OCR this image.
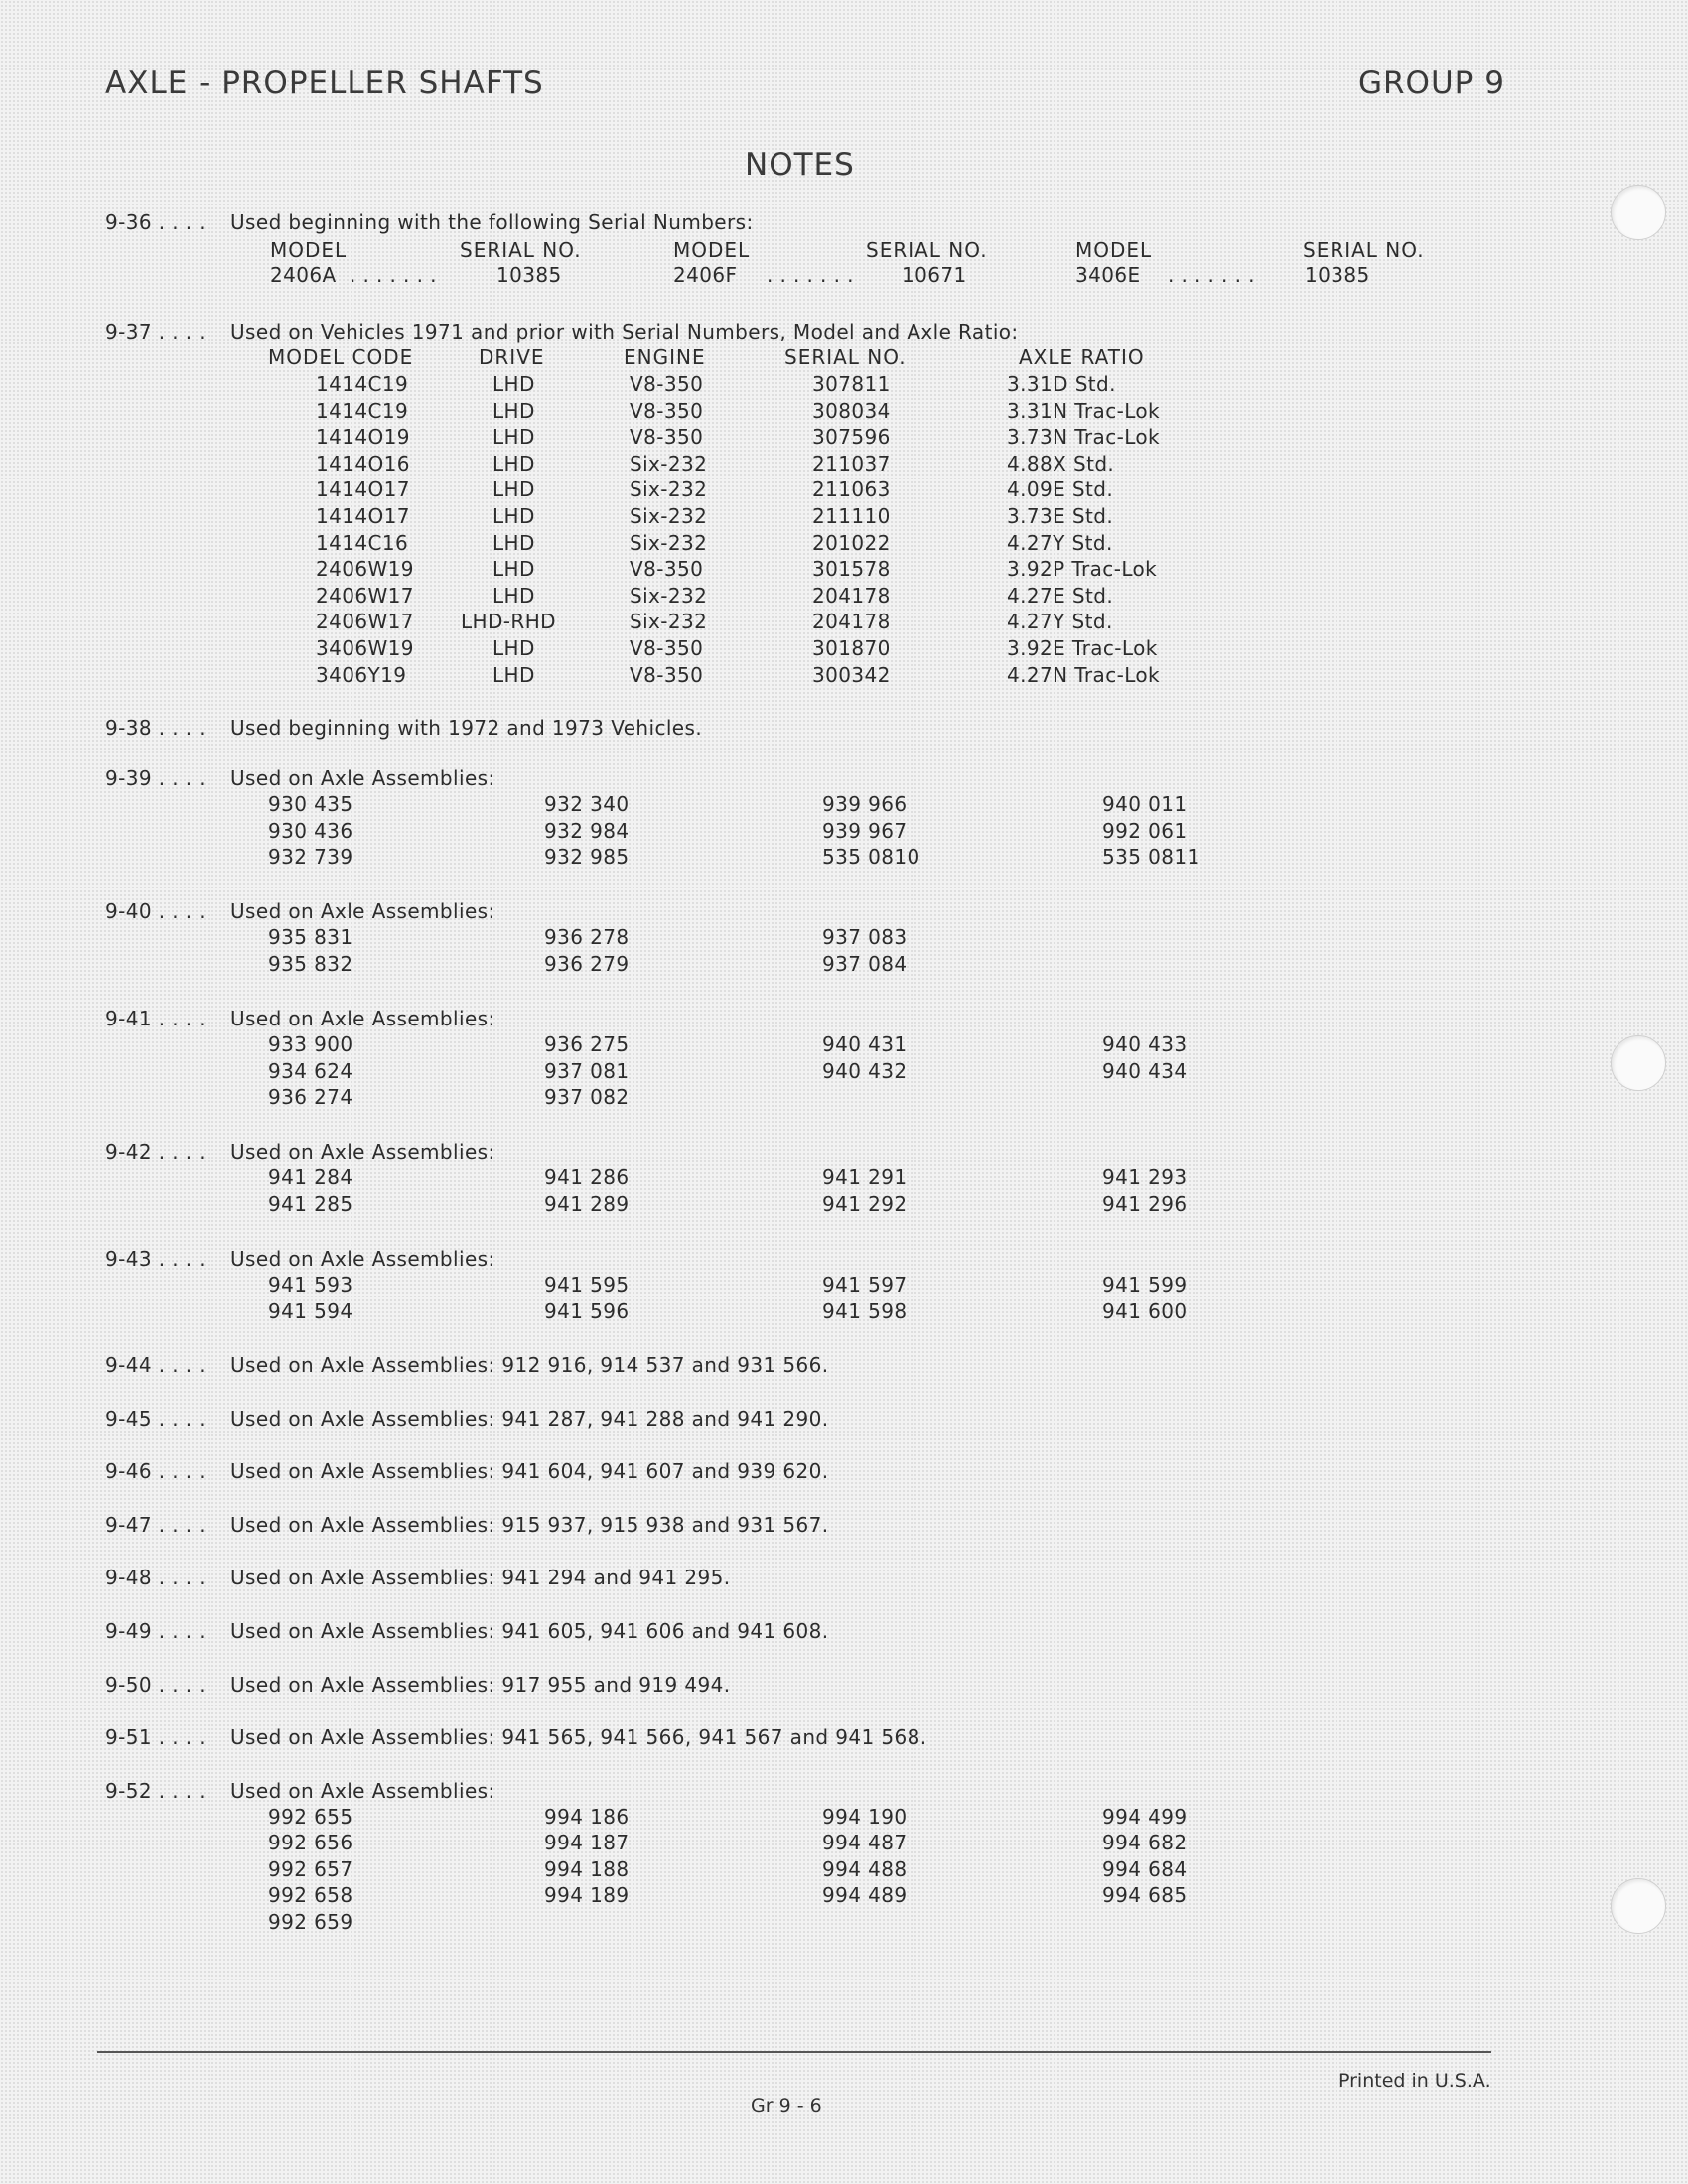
AXLE - PROPELLER SHAFTS	GROUP 9
NOTES
9-36 . . . . Used beginning with the following Serial Numbers:
MODEL	SERIAL NO.	MODEL	SERIAL NO.	MODEL	SERIAL NO.
2406A . . . . . . .	10385	2406F . . . . . . . 10671	3406E . . . . . . .	10385
9-37 . . . . Used on Vehicles 1971 and prior with Serial Numbers, Model and Axle Ratio:
MODEL CODE	DRIVE	ENGINE	SERIAL NO.	AXLE RATIO
1414C19	LHD	V8-350	307811	3.31D Std.
1414C19	LHD	V8-350	308034	3.31N Trac-Lok
1414O19	LHD	V8-350	307596	3.73N Trac-Lok
1414O16	LHD	Six-232	211037	4.88X Std.
1414O17	LHD	Six-232	211063	4.09E Std.
1414O17	LHD	Six-232	211110	3.73E Std.
1414C16	LHD	Six-232	201022	4.27Y Std.
2406W19	LHD	V8-350	301578	3.92P Trac-Lok
2406W17	LHD	Six-232	204178	4.27E Std.
2406W17 LHD-RHD	Six-232	204178	4.27Y Std.
3406W19	LHD	V8-350	301870	3.92E Trac-Lok
3406Y19	LHD	V8-350	300342	4.27N Trac-Lok
9-38 . . . . Used beginning with 1972 and 1973 Vehicles.
9-39 . . . . Used on Axle Assemblies:
930 435	932 340	939 966	940 011
930 436	932 984	939 967	992 061
932 739	932 985	535 0810	535 0811
9-40 . . . . Used on Axle Assemblies:
935 831	936 278	937 083
935 832	936 279	937 084
9-41 . . . . Used on Axle Assemblies:
933 900	936 275	940 431	940 433
934 624	937 081	940 432	940 434
936 274	937 082
9-42 . . . . Used on Axle Assemblies:
941 284	941 286	941 291	941 293
941 285	941 289	941 292	941 296
9-43 . . . . Used on Axle Assemblies:
941 593	941 595	941 597	941 599
941 594	941 596	941 598	941 600
9-44 . . . . Used on Axle Assemblies: 912 916, 914 537 and 931 566.
9-45 . . . . Used on Axle Assemblies: 941 287, 941 288 and 941 290.
9-46 . . . . Used on Axle Assemblies: 941 604, 941 607 and 939 620.
9-47 . . . . Used on Axle Assemblies: 915 937, 915 938 and 931 567.
9-48 . . . . Used on Axle Assemblies: 941 294 and 941 295.
9-49 . . . . Used on Axle Assemblies: 941 605, 941 606 and 941 608.
9-50 . . . . Used on Axle Assemblies: 917 955 and 919 494.
9-51 . . . . Used on Axle Assemblies: 941 565, 941 566, 941 567 and 941 568.
9-52 . . . . Used on Axle Assemblies:
992 655	994 186	994 190	994 499
992 656	994 187	994 487	994 682
992 657	994 188	994 488	994 684
992 658	994 189	994 489	994 685
992 659
Printed in U.S.A.
Gr 9 - 6
